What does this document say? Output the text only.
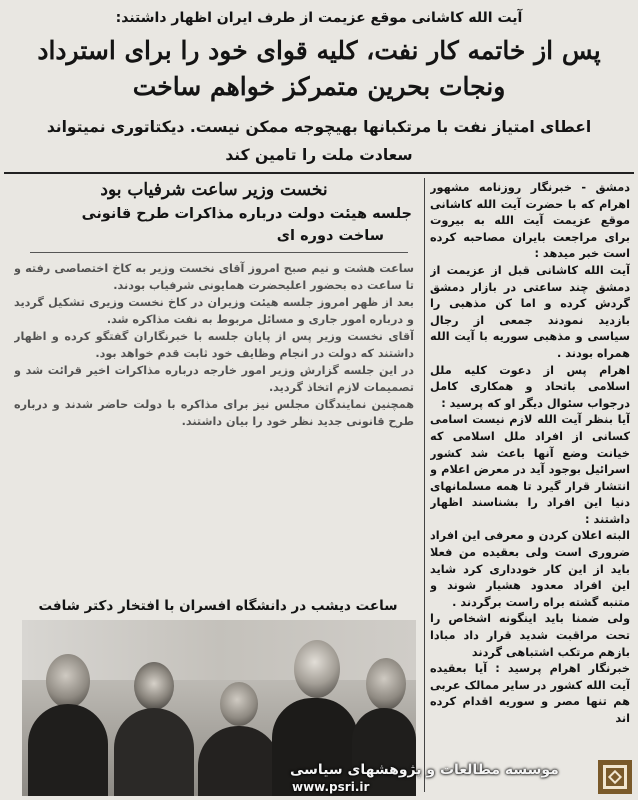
آیت الله کاشانی موقع عزیمت از طرف ایران اظهار داشتند:
پس از خاتمه کار نفت، کلیه قوای خود را برای استرداد
ونجات بحرین متمرکز خواهم ساخت
اعطای امتیاز نفت با مرتکبانها بهیچوجه ممکن نیست. دیکتاتوری نمیتواند
سعادت ملت را تامین کند

دمشق - خبرنگار روزنامه مشهور اهرام که با حضرت آیت الله کاشانی موقع عزیمت آیت الله به بیروت برای مراجعت بایران مصاحبه کرده است خبر میدهد :

آیت الله کاشانی قبل از عزیمت از دمشق چند ساعتی در بازار دمشق گردش کرده و اما کن مذهبی را بازدید نمودند جمعی از رجال سیاسی و مذهبی سوریه با آیت الله همراه بودند .

اهرام پس از دعوت کلیه ملل اسلامی باتحاد و همکاری کامل درجواب سئوال دیگر او که پرسید :

آیا بنظر آیت الله لازم نیست اسامی کسانی از افراد ملل اسلامی که خیانت وضع آنها باعث شد کشور اسرائیل بوجود آید در معرض اعلام و انتشار قرار گیرد تا همه مسلمانهای دنیا این افراد را بشناسند اظهار داشتند :

البته اعلان کردن و معرفی این افراد ضروری است ولی بعقیده من فعلا باید از این کار خودداری کرد شاید این افراد معدود هشیار شوند و متنبه گشته براه راست برگردند .

ولی ضمنا باید اینگونه اشخاص را تحت مراقبت شدید قرار داد مبادا بازهم مرتکب اشتباهی گردند

خبرنگار اهرام پرسید : آیا بعقیده آیت الله کشور در سایر ممالک عربی هم تنها مصر و سوریه اقدام کرده اند

نخست وزیر ساعت شرفیاب بود
جلسه هیئت دولت درباره مذاکرات طرح قانونی
ساخت دوره ای

ساعت هشت و نیم صبح امروز آقای نخست وزیر به کاخ اختصاصی رفته و تا ساعت ده بحضور اعلیحضرت همایونی شرفیاب بودند.

بعد از ظهر امروز جلسه هیئت وزیران در کاخ نخست وزیری تشکیل گردید و درباره امور جاری و مسائل مربوط به نفت مذاکره شد.

آقای نخست وزیر پس از پایان جلسه با خبرنگاران گفتگو کرده و اظهار داشتند که دولت در انجام وظایف خود ثابت قدم خواهد بود.

در این جلسه گزارش وزیر امور خارجه درباره مذاکرات اخیر قرائت شد و تصمیمات لازم اتخاذ گردید.

همچنین نمایندگان مجلس نیز برای مذاکره با دولت حاضر شدند و درباره طرح قانونی جدید نظر خود را بیان داشتند.

ساعت دیشب در دانشگاه افسران با افتخار دکتر شافت
موسسه مطالعات و پژوهشهای سیاسی
www.psri.ir
